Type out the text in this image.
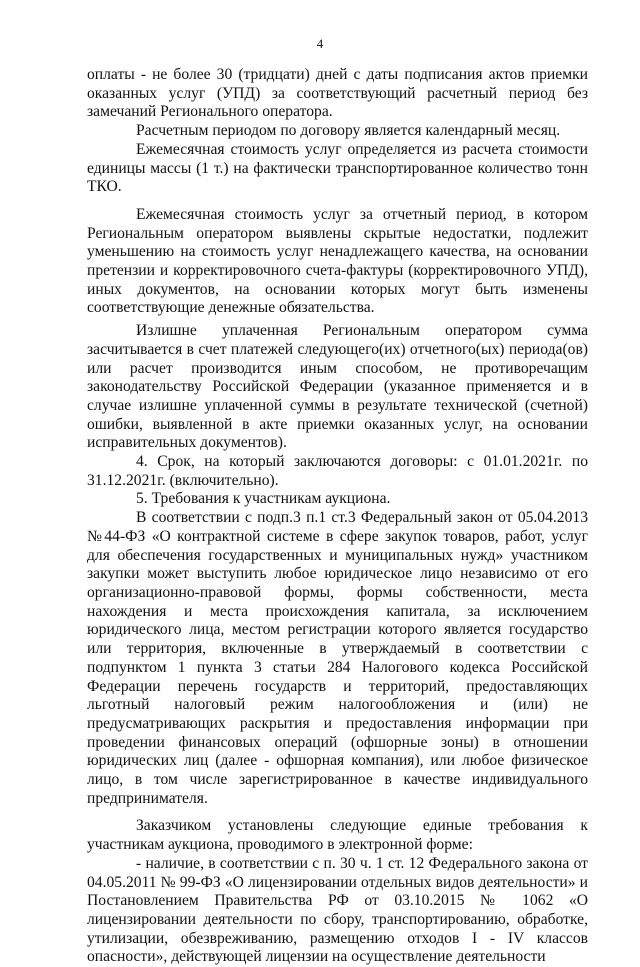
4

оплаты - не более 30 (тридцати) дней с даты подписания актов приемки оказанных услуг (УПД) за соответствующий расчетный период без замечаний Регионального оператора.

Расчетным периодом по договору является календарный месяц.

Ежемесячная стоимость услуг определяется из расчета стоимости единицы массы (1 т.) на фактически транспортированное количество тонн ТКО.

Ежемесячная стоимость услуг за отчетный период, в котором Региональным оператором выявлены скрытые недостатки, подлежит уменьшению на стоимость услуг ненадлежащего качества, на основании претензии и корректировочного счета-фактуры (корректировочного УПД), иных документов, на основании которых могут быть изменены соответствующие денежные обязательства.

Излишне уплаченная Региональным оператором сумма засчитывается в счет платежей следующего(их) отчетного(ых) периода(ов) или расчет производится иным способом, не противоречащим законодательству Российской Федерации (указанное применяется и в случае излишне уплаченной суммы в результате технической (счетной) ошибки, выявленной в акте приемки оказанных услуг, на основании исправительных документов).

4. Срок, на который заключаются договоры: с 01.01.2021г. по 31.12.2021г. (включительно).

5. Требования к участникам аукциона.

В соответствии с подп.3 п.1 ст.3 Федеральный закон от 05.04.2013 №44-ФЗ «О контрактной системе в сфере закупок товаров, работ, услуг для обеспечения государственных и муниципальных нужд» участником закупки может выступить любое юридическое лицо независимо от его организационно-правовой формы, формы собственности, места нахождения и места происхождения капитала, за исключением юридического лица, местом регистрации которого является государство или территория, включенные в утверждаемый в соответствии с подпунктом 1 пункта 3 статьи 284 Налогового кодекса Российской Федерации перечень государств и территорий, предоставляющих льготный налоговый режим налогообложения и (или) не предусматривающих раскрытия и предоставления информации при проведении финансовых операций (офшорные зоны) в отношении юридических лиц (далее - офшорная компания), или любое физическое лицо, в том числе зарегистрированное в качестве индивидуального предпринимателя.

Заказчиком установлены следующие единые требования к участникам аукциона, проводимого в электронной форме:

- наличие, в соответствии с п. 30 ч. 1 ст. 12 Федерального закона от 04.05.2011 № 99-ФЗ «О лицензировании отдельных видов деятельности» и Постановлением Правительства РФ от 03.10.2015 № 1062 «О лицензировании деятельности по сбору, транспортированию, обработке, утилизации, обезвреживанию, размещению отходов I - IV классов опасности», действующей лицензии на осуществление деятельности
